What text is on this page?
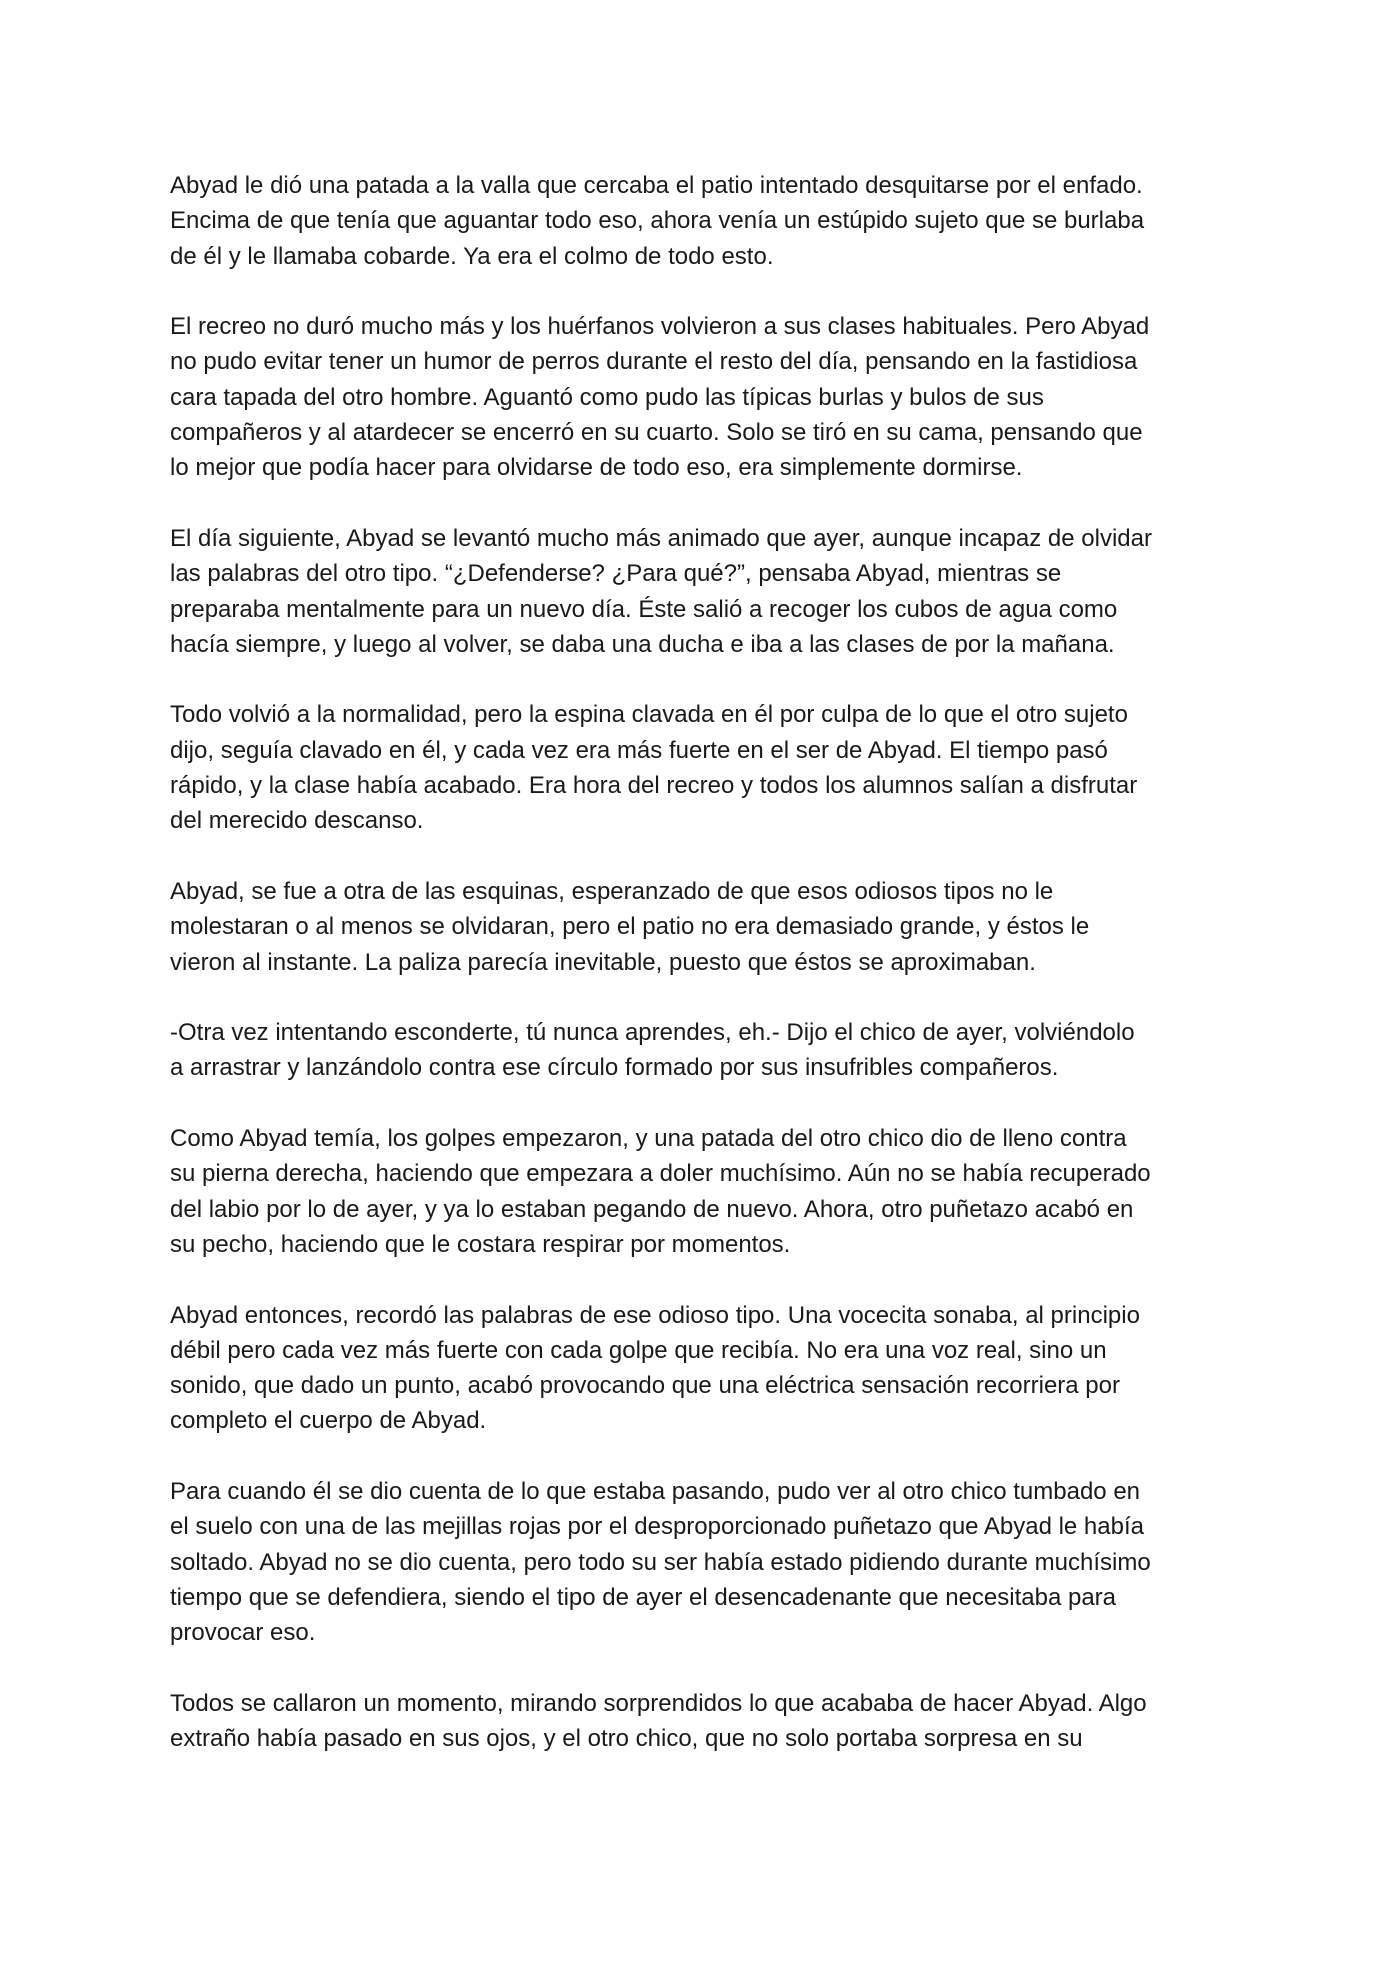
Abyad le dió una patada a la valla que cercaba el patio intentado desquitarse por el enfado.
Encima de que tenía que aguantar todo eso, ahora venía un estúpido sujeto que se burlaba
de él y le llamaba cobarde. Ya era el colmo de todo esto.

El recreo no duró mucho más y los huérfanos volvieron a sus clases habituales. Pero Abyad
no pudo evitar tener un humor de perros durante el resto del día, pensando en la fastidiosa
cara tapada del otro hombre. Aguantó como pudo las típicas burlas y bulos de sus
compañeros y al atardecer se encerró en su cuarto. Solo se tiró en su cama, pensando que
lo mejor que podía hacer para olvidarse de todo eso, era simplemente dormirse.

El día siguiente, Abyad se levantó mucho más animado que ayer, aunque incapaz de olvidar
las palabras del otro tipo. “¿Defenderse? ¿Para qué?”, pensaba Abyad, mientras se
preparaba mentalmente para un nuevo día. Éste salió a recoger los cubos de agua como
hacía siempre, y luego al volver, se daba una ducha e iba a las clases de por la mañana.

Todo volvió a la normalidad, pero la espina clavada en él por culpa de lo que el otro sujeto
dijo, seguía clavado en él, y cada vez era más fuerte en el ser de Abyad. El tiempo pasó
rápido, y la clase había acabado. Era hora del recreo y todos los alumnos salían a disfrutar
del merecido descanso.

Abyad, se fue a otra de las esquinas, esperanzado de que esos odiosos tipos no le
molestaran o al menos se olvidaran, pero el patio no era demasiado grande, y éstos le
vieron al instante. La paliza parecía inevitable, puesto que éstos se aproximaban.

-Otra vez intentando esconderte, tú nunca aprendes, eh.- Dijo el chico de ayer, volviéndolo
a arrastrar y lanzándolo contra ese círculo formado por sus insufribles compañeros.

Como Abyad temía, los golpes empezaron, y una patada del otro chico dio de lleno contra
su pierna derecha, haciendo que empezara a doler muchísimo. Aún no se había recuperado
del labio por lo de ayer, y ya lo estaban pegando de nuevo. Ahora, otro puñetazo acabó en
su pecho, haciendo que le costara respirar por momentos.

Abyad entonces, recordó las palabras de ese odioso tipo. Una vocecita sonaba, al principio
débil pero cada vez más fuerte con cada golpe que recibía. No era una voz real, sino un
sonido, que dado un punto, acabó provocando que una eléctrica sensación recorriera por
completo el cuerpo de Abyad.

Para cuando él se dio cuenta de lo que estaba pasando, pudo ver al otro chico tumbado en
el suelo con una de las mejillas rojas por el desproporcionado puñetazo que Abyad le había
soltado. Abyad no se dio cuenta, pero todo su ser había estado pidiendo durante muchísimo
tiempo que se defendiera, siendo el tipo de ayer el desencadenante que necesitaba para
provocar eso.

Todos se callaron un momento, mirando sorprendidos lo que acababa de hacer Abyad. Algo
extraño había pasado en sus ojos, y el otro chico, que no solo portaba sorpresa en su
